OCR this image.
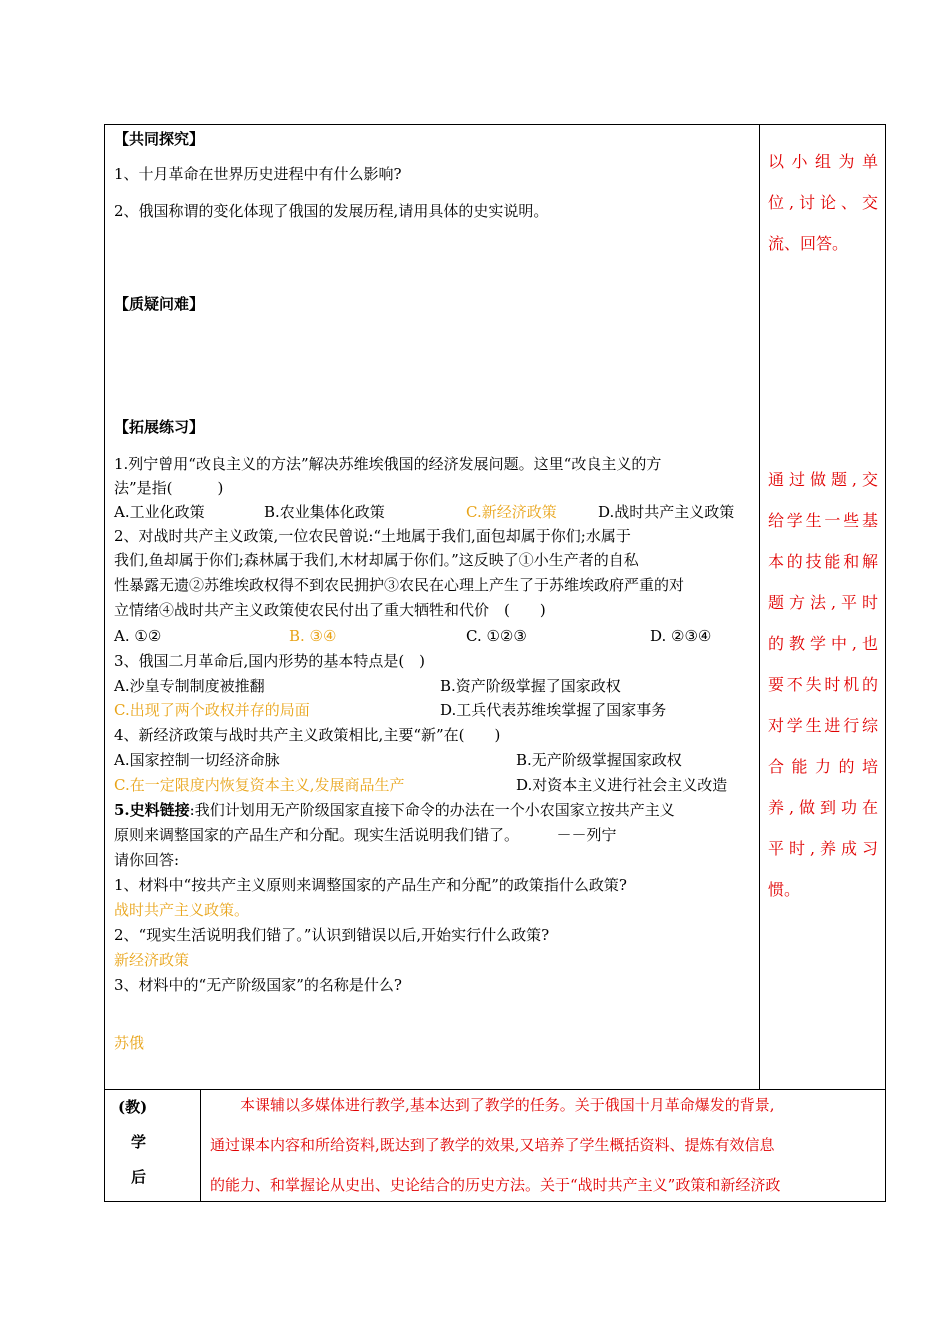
【共同探究】
1、十月革命在世界历史进程中有什么影响?
2、俄国称谓的变化体现了俄国的发展历程,请用具体的史实说明。
【质疑问难】
【拓展练习】
1.列宁曾用“改良主义的方法”解决苏维埃俄国的经济发展问题。这里“改良主义的方
法”是指(　　　)
A.工业化政策	B.农业集体化政策	C.新经济政策	D.战时共产主义政策
2、对战时共产主义政策,一位农民曾说:“土地属于我们,面包却属于你们;水属于
我们,鱼却属于你们;森林属于我们,木材却属于你们。”这反映了①小生产者的自私
性暴露无遗②苏维埃政权得不到农民拥护③农民在心理上产生了于苏维埃政府严重的对
立情绪④战时共产主义政策使农民付出了重大牺牲和代价　(　　)
A. ①②	B. ③④	C. ①②③	D. ②③④
3、俄国二月革命后,国内形势的基本特点是(　)
A.沙皇专制制度被推翻	B.资产阶级掌握了国家政权
C.出现了两个政权并存的局面	D.工兵代表苏维埃掌握了国家事务
4、新经济政策与战时共产主义政策相比,主要“新”在(　　)
A.国家控制一切经济命脉	B.无产阶级掌握国家政权
C.在一定限度内恢复资本主义,发展商品生产	D.对资本主义进行社会主义改造
5.史料链接:我们计划用无产阶级国家直接下命令的办法在一个小农国家立按共产主义
原则来调整国家的产品生产和分配。现实生活说明我们错了。　　　－－列宁
请你回答:
1、材料中“按共产主义原则来调整国家的产品生产和分配”的政策指什么政策?
战时共产主义政策。
2、“现实生活说明我们错了。”认识到错误以后,开始实行什么政策?
新经济政策
3、材料中的“无产阶级国家”的名称是什么?
苏俄
以小组为单
位,讨论、交
流、回答。
通过做题,交
给学生一些基
本的技能和解
题方法,平时
的教学中,也
要不失时机的
对学生进行综
合能力的培
养,做到功在
平时,养成习
惯。
(教)
学
后
　　本课辅以多媒体进行教学,基本达到了教学的任务。关于俄国十月革命爆发的背景,
通过课本内容和所给资料,既达到了教学的效果,又培养了学生概括资料、提炼有效信息
的能力、和掌握论从史出、史论结合的历史方法。关于“战时共产主义”政策和新经济政
